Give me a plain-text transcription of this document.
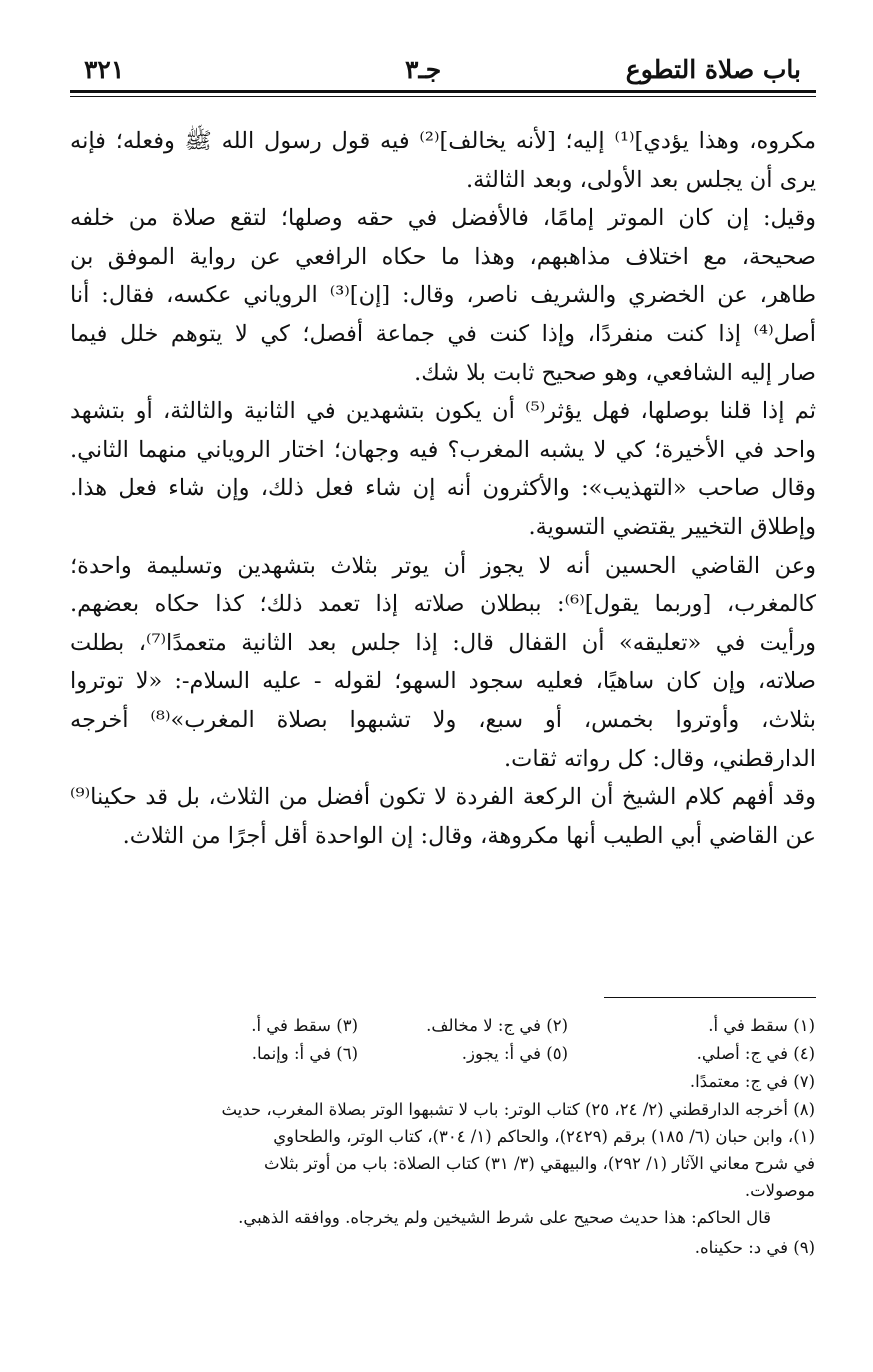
باب صلاة التطوع
جـ٣
٣٢١
مكروه، وهذا يؤدي]⁽¹⁾ إليه؛ [لأنه يخالف]⁽²⁾ فيه قول رسول الله ﷺ وفعله؛ فإنه
يرى أن يجلس بعد الأولى، وبعد الثالثة.
وقيل: إن كان الموتر إمامًا، فالأفضل في حقه وصلها؛ لتقع صلاة من خلفه
صحيحة، مع اختلاف مذاهبهم، وهذا ما حكاه الرافعي عن رواية الموفق بن
طاهر، عن الخضري والشريف ناصر، وقال: [إن]⁽³⁾ الروياني عكسه، فقال: أنا
أصل⁽⁴⁾ إذا كنت منفردًا، وإذا كنت في جماعة أفصل؛ كي لا يتوهم خلل فيما
صار إليه الشافعي، وهو صحيح ثابت بلا شك.
ثم إذا قلنا بوصلها، فهل يؤثر⁽⁵⁾ أن يكون بتشهدين في الثانية والثالثة، أو بتشهد
واحد في الأخيرة؛ كي لا يشبه المغرب؟ فيه وجهان؛ اختار الروياني منهما الثاني.
وقال صاحب «التهذيب»: والأكثرون أنه إن شاء فعل ذلك، وإن شاء فعل هذا.
وإطلاق التخيير يقتضي التسوية.
وعن القاضي الحسين أنه لا يجوز أن يوتر بثلاث بتشهدين وتسليمة واحدة؛
كالمغرب، [وربما يقول]⁽⁶⁾: ببطلان صلاته إذا تعمد ذلك؛ كذا حكاه بعضهم.
ورأيت في «تعليقه» أن القفال قال: إذا جلس بعد الثانية متعمدًا⁽⁷⁾، بطلت
صلاته، وإن كان ساهيًا، فعليه سجود السهو؛ لقوله - عليه السلام-: «لا توتروا
بثلاث، وأوتروا بخمس، أو سبع، ولا تشبهوا بصلاة المغرب»⁽⁸⁾ أخرجه
الدارقطني، وقال: كل رواته ثقات.
وقد أفهم كلام الشيخ أن الركعة الفردة لا تكون أفضل من الثلاث، بل قد حكينا⁽⁹⁾
عن القاضي أبي الطيب أنها مكروهة، وقال: إن الواحدة أقل أجرًا من الثلاث.
(١) سقط في أ.
(٢) في ج: لا مخالف.
(٣) سقط في أ.
(٤) في ج: أصلي.
(٥) في أ: يجوز.
(٦) في أ: وإنما.
(٧) في ج: معتمدًا.
(٨) أخرجه الدارقطني (٢/ ٢٤، ٢٥) كتاب الوتر: باب لا تشبهوا الوتر بصلاة المغرب، حديث
(١)، وابن حبان (٦/ ١٨٥) برقم (٢٤٢٩)، والحاكم (١/ ٣٠٤)، كتاب الوتر، والطحاوي
في شرح معاني الآثار (١/ ٢٩٢)، والبيهقي (٣/ ٣١) كتاب الصلاة: باب من أوتر بثلاث
موصولات.
قال الحاكم: هذا حديث صحيح على شرط الشيخين ولم يخرجاه. ووافقه الذهبي.
(٩) في د: حكيناه.
